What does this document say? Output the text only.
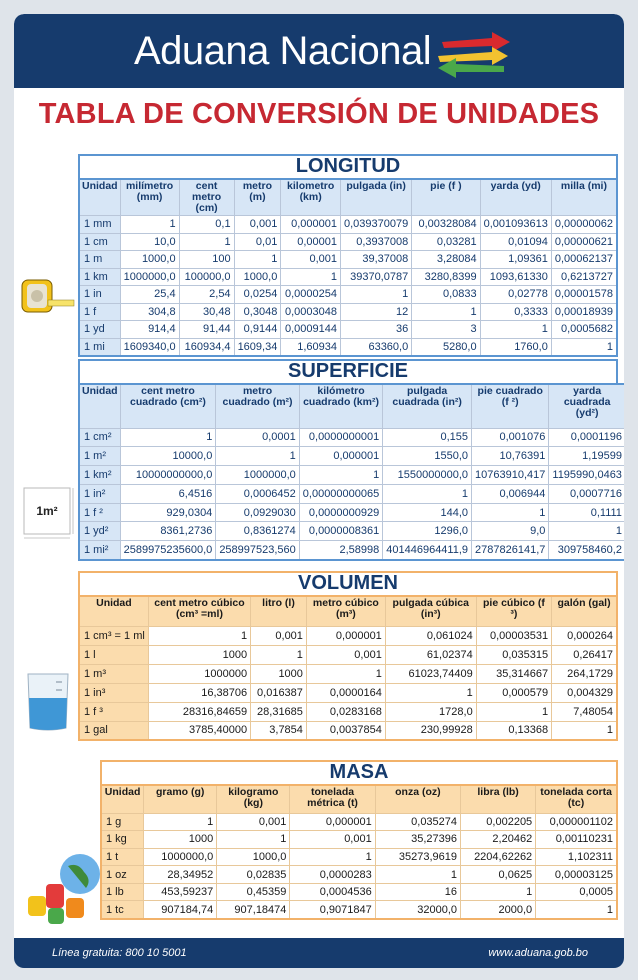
Aduana Nacional
TABLA DE CONVERSIÓN DE UNIDADES
LONGITUD
Unidad	milímetro (mm)	cent metro (cm)	metro (m)	kilometro (km)	pulgada (in)	pie (f )	yarda (yd)	milla (mi)
1 mm	1	0,1	0,001	0,000001	0,039370079	0,00328084	0,001093613	0,00000062
1 cm	10,0	1	0,01	0,00001	0,3937008	0,03281	0,01094	0,00000621
1 m	1000,0	100	1	0,001	39,37008	3,28084	1,09361	0,00062137
1 km	1000000,0	100000,0	1000,0	1	39370,0787	3280,8399	1093,61330	0,6213727
1 in	25,4	2,54	0,0254	0,0000254	1	0,0833	0,02778	0,00001578
1 f	304,8	30,48	0,3048	0,0003048	12	1	0,3333	0,00018939
1 yd	914,4	91,44	0,9144	0,0009144	36	3	1	0,0005682
1 mi	1609340,0	160934,4	1609,34	1,60934	63360,0	5280,0	1760,0	1
SUPERFICIE
Unidad	cent metro cuadrado (cm²)	metro cuadrado (m²)	kilómetro cuadrado (km²)	pulgada cuadrada (in²)	pie cuadrado (f ²)	yarda cuadrada (yd²)
1 cm²	1	0,0001	0,0000000001	0,155	0,001076	0,0001196
1 m²	10000,0	1	0,000001	1550,0	10,76391	1,19599
1 km²	10000000000,0	1000000,0	1	1550000000,0	10763910,417	1195990,0463
1 in²	6,4516	0,0006452	0,00000000065	1	0,006944	0,0007716
1 f ²	929,0304	0,0929030	0,0000000929	144,0	1	0,1111
1 yd²	8361,2736	0,8361274	0,0000008361	1296,0	9,0	1
1 mi²	2589975235600,0	258997523,560	2,58998	401446964411,9	2787826141,7	309758460,2
VOLUMEN
Unidad	cent metro cúbico (cm³ =ml)	litro (l)	metro cúbico (m³)	pulgada cúbica (in³)	pie cúbico (f ³)	galón (gal)
1 cm³ = 1 ml	1	0,001	0,000001	0,061024	0,00003531	0,000264
1 l	1000	1	0,001	61,02374	0,035315	0,26417
1 m³	1000000	1000	1	61023,74409	35,314667	264,1729
1 in³	16,38706	0,016387	0,0000164	1	0,000579	0,004329
1 f ³	28316,84659	28,31685	0,0283168	1728,0	1	7,48054
1 gal	3785,40000	3,7854	0,0037854	230,99928	0,13368	1
MASA
Unidad	gramo (g)	kilogramo (kg)	tonelada métrica (t)	onza (oz)	libra (lb)	tonelada corta (tc)
1 g	1	0,001	0,000001	0,035274	0,002205	0,000001102
1 kg	1000	1	0,001	35,27396	2,20462	0,00110231
1 t	1000000,0	1000,0	1	35273,9619	2204,62262	1,102311
1 oz	28,34952	0,02835	0,0000283	1	0,0625	0,00003125
1 lb	453,59237	0,45359	0,0004536	16	1	0,0005
1 tc	907184,74	907,18474	0,9071847	32000,0	2000,0	1
1m²
Línea gratuita: 800 10 5001	www.aduana.gob.bo
